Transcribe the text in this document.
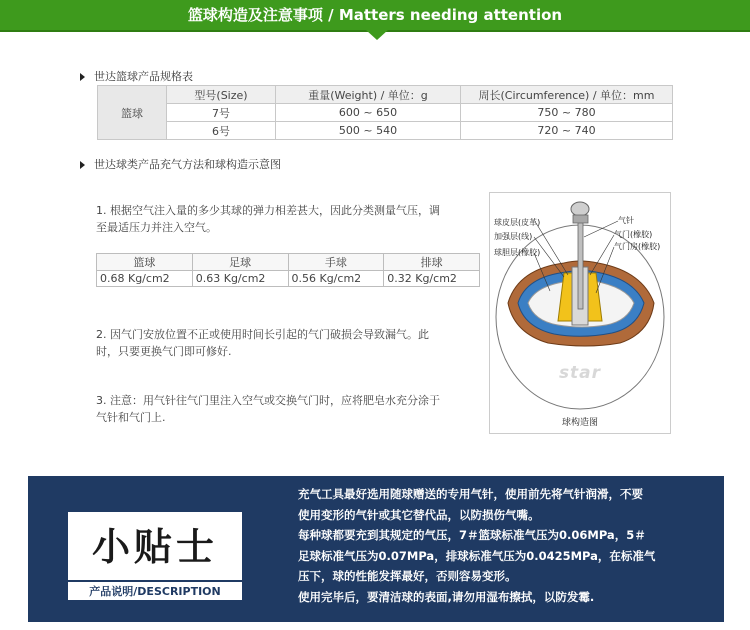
篮球构造及注意事项 / Matters needing attention
世达篮球产品规格表
篮球	型号(Size)	重量(Weight) / 单位：g	周长(Circumference) / 单位：mm
	7号	600 ~ 650	750 ~ 780
	6号	500 ~ 540	720 ~ 740
世达球类产品充气方法和球构造示意图
1. 根据空气注入量的多少其球的弹力相差甚大，因此分类测量气压，调
至最适压力并注入空气。
篮球	足球	手球	排球
0.68 Kg/cm2	0.63 Kg/cm2	0.56 Kg/cm2	0.32 Kg/cm2
2. 因气门安放位置不正或使用时间长引起的气门破损会导致漏气。此
时，只要更换气门即可修好.
3. 注意：用气针往气门里注入空气或交换气门时，应将肥皂水充分涂于
气针和气门上.
球皮层(皮革)
加强层(线)
球胆层(橡胶)
气针
气门(橡胶)
气门房(橡胶)
star
球构造图
小贴士
产品说明/DESCRIPTION
充气工具最好选用随球赠送的专用气针，使用前先将气针润滑，不要
使用变形的气针或其它替代品，以防损伤气嘴。
每种球都要充到其规定的气压，7＃篮球标准气压为0.06MPa，5＃
足球标准气压为0.07MPa，排球标准气压为0.0425MPa，在标准气
压下，球的性能发挥最好，否则容易变形。
使用完毕后，要清洁球的表面,请勿用湿布擦拭，以防发霉.
